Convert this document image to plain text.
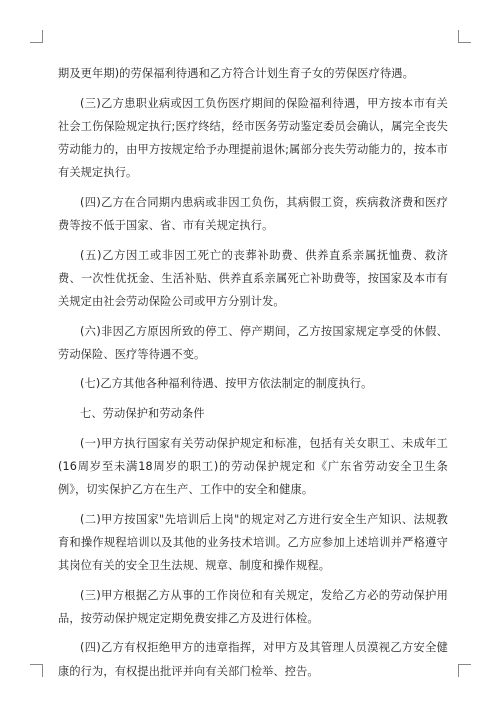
期及更年期)的劳保福利待遇和乙方符合计划生育子女的劳保医疗待遇。

(三)乙方患职业病或因工负伤医疗期间的保险福利待遇，甲方按本市有关社会工伤保险规定执行;医疗终结，经市医务劳动鉴定委员会确认，属完全丧失劳动能力的，由甲方按规定给予办理提前退休;属部分丧失劳动能力的，按本市有关规定执行。

(四)乙方在合同期内患病或非因工负伤，其病假工资，疾病救济费和医疗费等按不低于国家、省、市有关规定执行。

(五)乙方因工或非因工死亡的丧葬补助费、供养直系亲属抚恤费、救济费、一次性优抚金、生活补贴、供养直系亲属死亡补助费等，按国家及本市有关规定由社会劳动保险公司或甲方分别计发。

(六)非因乙方原因所致的停工、停产期间，乙方按国家规定享受的休假、劳动保险、医疗等待遇不变。

(七)乙方其他各种福利待遇、按甲方依法制定的制度执行。

七、劳动保护和劳动条件

(一)甲方执行国家有关劳动保护规定和标准，包括有关女职工、未成年工(16周岁至未满18周岁的职工)的劳动保护规定和《广东省劳动安全卫生条例》，切实保护乙方在生产、工作中的安全和健康。

(二)甲方按国家"先培训后上岗"的规定对乙方进行安全生产知识、法规教育和操作规程培训以及其他的业务技术培训。乙方应参加上述培训并严格遵守其岗位有关的安全卫生法规、规章、制度和操作规程。

(三)甲方根据乙方从事的工作岗位和有关规定，发给乙方必的劳动保护用品，按劳动保护规定定期免费安排乙方及进行体检。

(四)乙方有权拒绝甲方的违章指挥，对甲方及其管理人员漠视乙方安全健康的行为，有权提出批评并向有关部门检举、控告。
